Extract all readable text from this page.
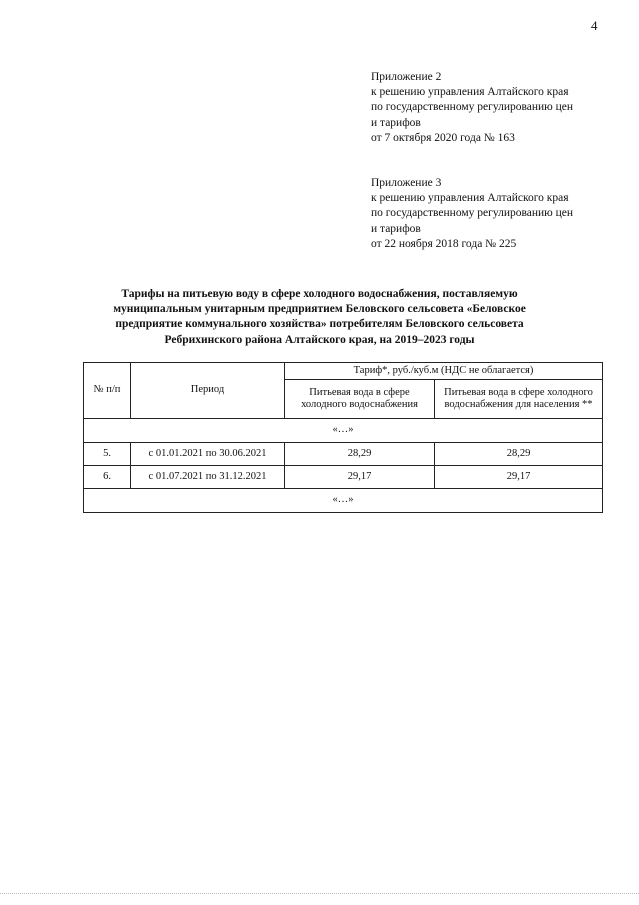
4
Приложение 2
к решению управления Алтайского края
по государственному регулированию цен
и тарифов
от 7 октября 2020 года № 163
Приложение 3
к решению управления Алтайского края
по государственному регулированию цен
и тарифов
от 22 ноября 2018 года № 225
Тарифы на питьевую воду в сфере холодного водоснабжения, поставляемую
муниципальным унитарным предприятием Беловского сельсовета «Беловское
предприятие коммунального хозяйства» потребителям Беловского сельсовета
Ребрихинского района Алтайского края, на 2019–2023 годы
№ п/п	Период	Тариф*, руб./куб.м (НДС не облагается)	
		Питьевая вода в сфере холодного водоснабжения	Питьевая вода в сфере холодного водоснабжения для населения **
«…»			
5.	с 01.01.2021 по 30.06.2021	28,29	28,29
6.	с 01.07.2021 по 31.12.2021	29,17	29,17
«…»			
